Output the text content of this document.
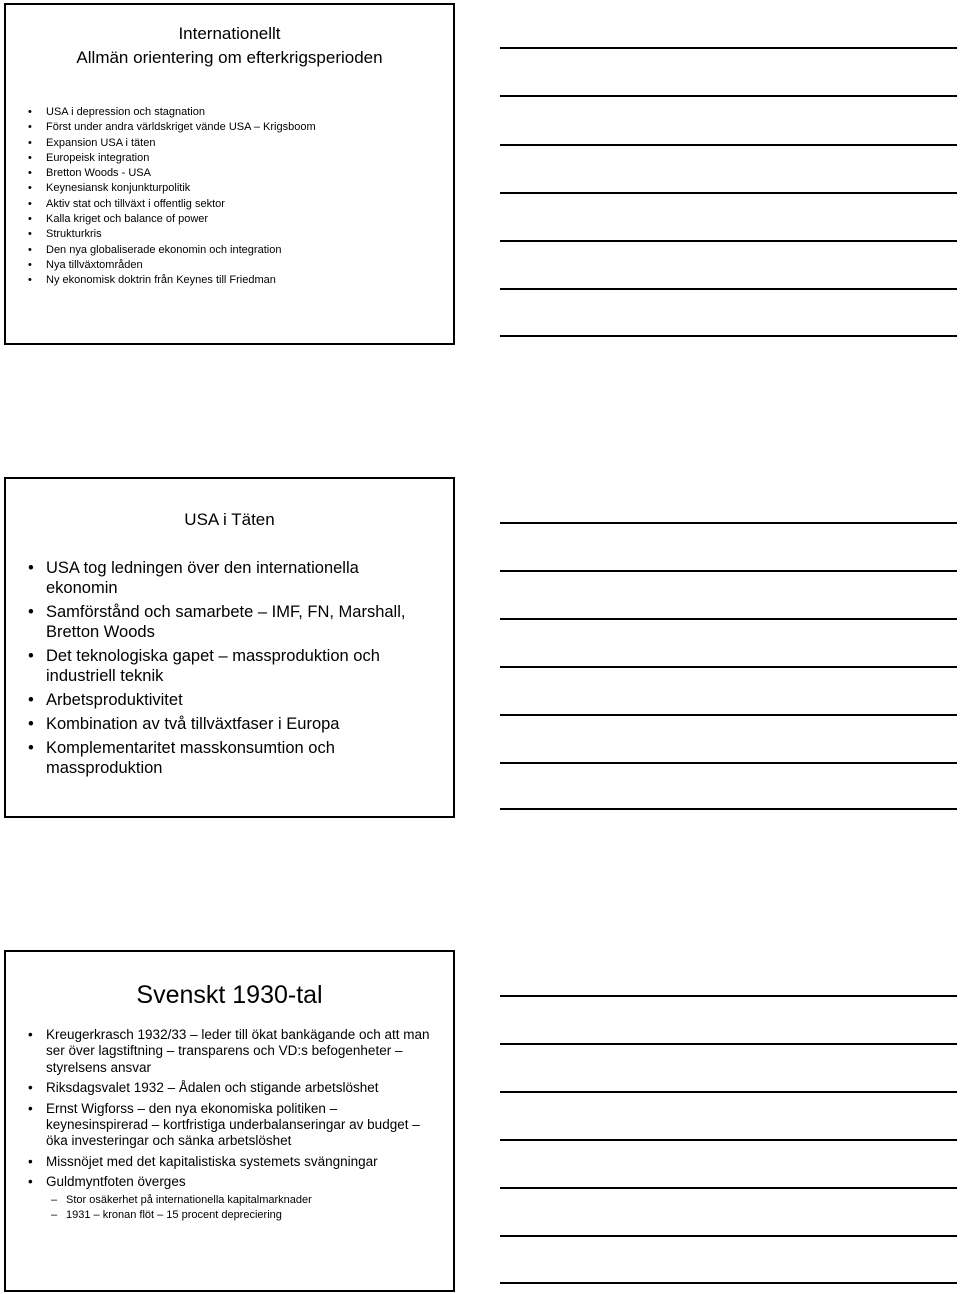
Internationellt
Allmän orientering om efterkrigsperioden
• USA i depression och stagnation
• Först under andra världskriget vände USA – Krigsboom
• Expansion USA i täten
• Europeisk integration
• Bretton Woods - USA
• Keynesiansk konjunkturpolitik
• Aktiv stat och tillväxt i offentlig sektor
• Kalla kriget och balance of power
• Strukturkris
• Den nya globaliserade ekonomin och integration
• Nya tillväxtområden
• Ny ekonomisk doktrin från Keynes till Friedman
USA i Täten
• USA tog ledningen över den internationella ekonomin
• Samförstånd och samarbete – IMF, FN, Marshall, Bretton Woods
• Det teknologiska gapet – massproduktion och industriell teknik
• Arbetsproduktivitet
• Kombination av två tillväxtfaser i Europa
• Komplementaritet masskonsumtion och massproduktion
Svenskt 1930-tal
• Kreugerkrasch 1932/33 – leder till ökat bankägande och att man ser över lagstiftning – transparens och VD:s befogenheter – styrelsens ansvar
• Riksdagsvalet 1932 – Ådalen och stigande arbetslöshet
• Ernst Wigforss – den nya ekonomiska politiken – keynesinspirerad – kortfristiga underbalanseringar av budget – öka investeringar och sänka arbetslöshet
• Missnöjet med det kapitalistiska systemets svängningar
• Guldmyntfoten överges
– Stor osäkerhet på internationella kapitalmarknader
– 1931 – kronan flöt – 15 procent depreciering
